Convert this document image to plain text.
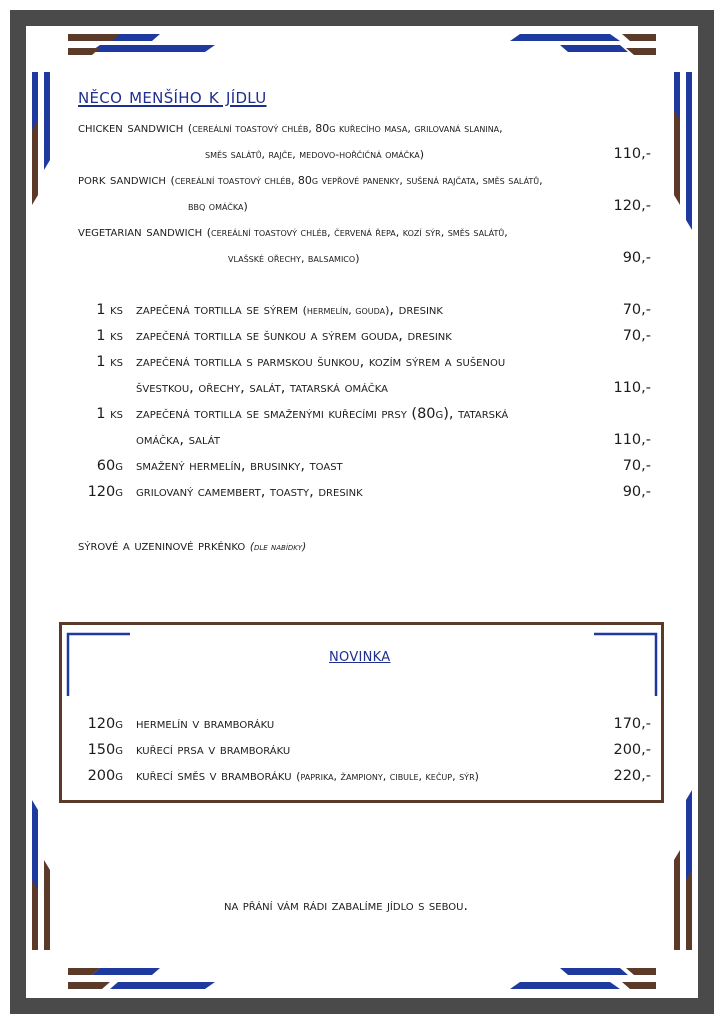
něco menšího k jídlu
chicken sandwich (cereální toastový chléb, 80g kuřecího masa, grilovaná slanina,
směs salátů, rajče, medovo-hořčičná omáčka)	110,-
pork sandwich (cereální toastový chléb, 80g vepřové panenky, sušená rajčata, směs salátů,
bbq omáčka)	120,-
vegetarian sandwich (cereální toastový chléb, červená řepa, kozí sýr, směs salátů,
vlašské ořechy, balsamico)	90,-
1 ks zapečená tortilla se sýrem (hermelín, gouda), dresink	70,-
1 ks zapečená tortilla se šunkou a sýrem gouda, dresink	70,-
1 ks zapečená tortilla s parmskou šunkou, kozím sýrem a sušenou
švestkou, ořechy, salát, tatarská omáčka	110,-
1 ks zapečená tortilla se smaženými kuřecími prsy (80g), tatarská
omáčka, salát	110,-
60g smažený hermelín, brusinky, toast	70,-
120g grilovaný camembert, toasty, dresink	90,-
sýrové a uzeninové prkénko (dle nabídky)
novinka
120g hermelín v bramboráku	170,-
150g kuřecí prsa v bramboráku	200,-
200g kuřecí směs v bramboráku (paprika, žampiony, cibule, kečup, sýr)	220,-
na přání vám rádi zabalíme jídlo s sebou.
